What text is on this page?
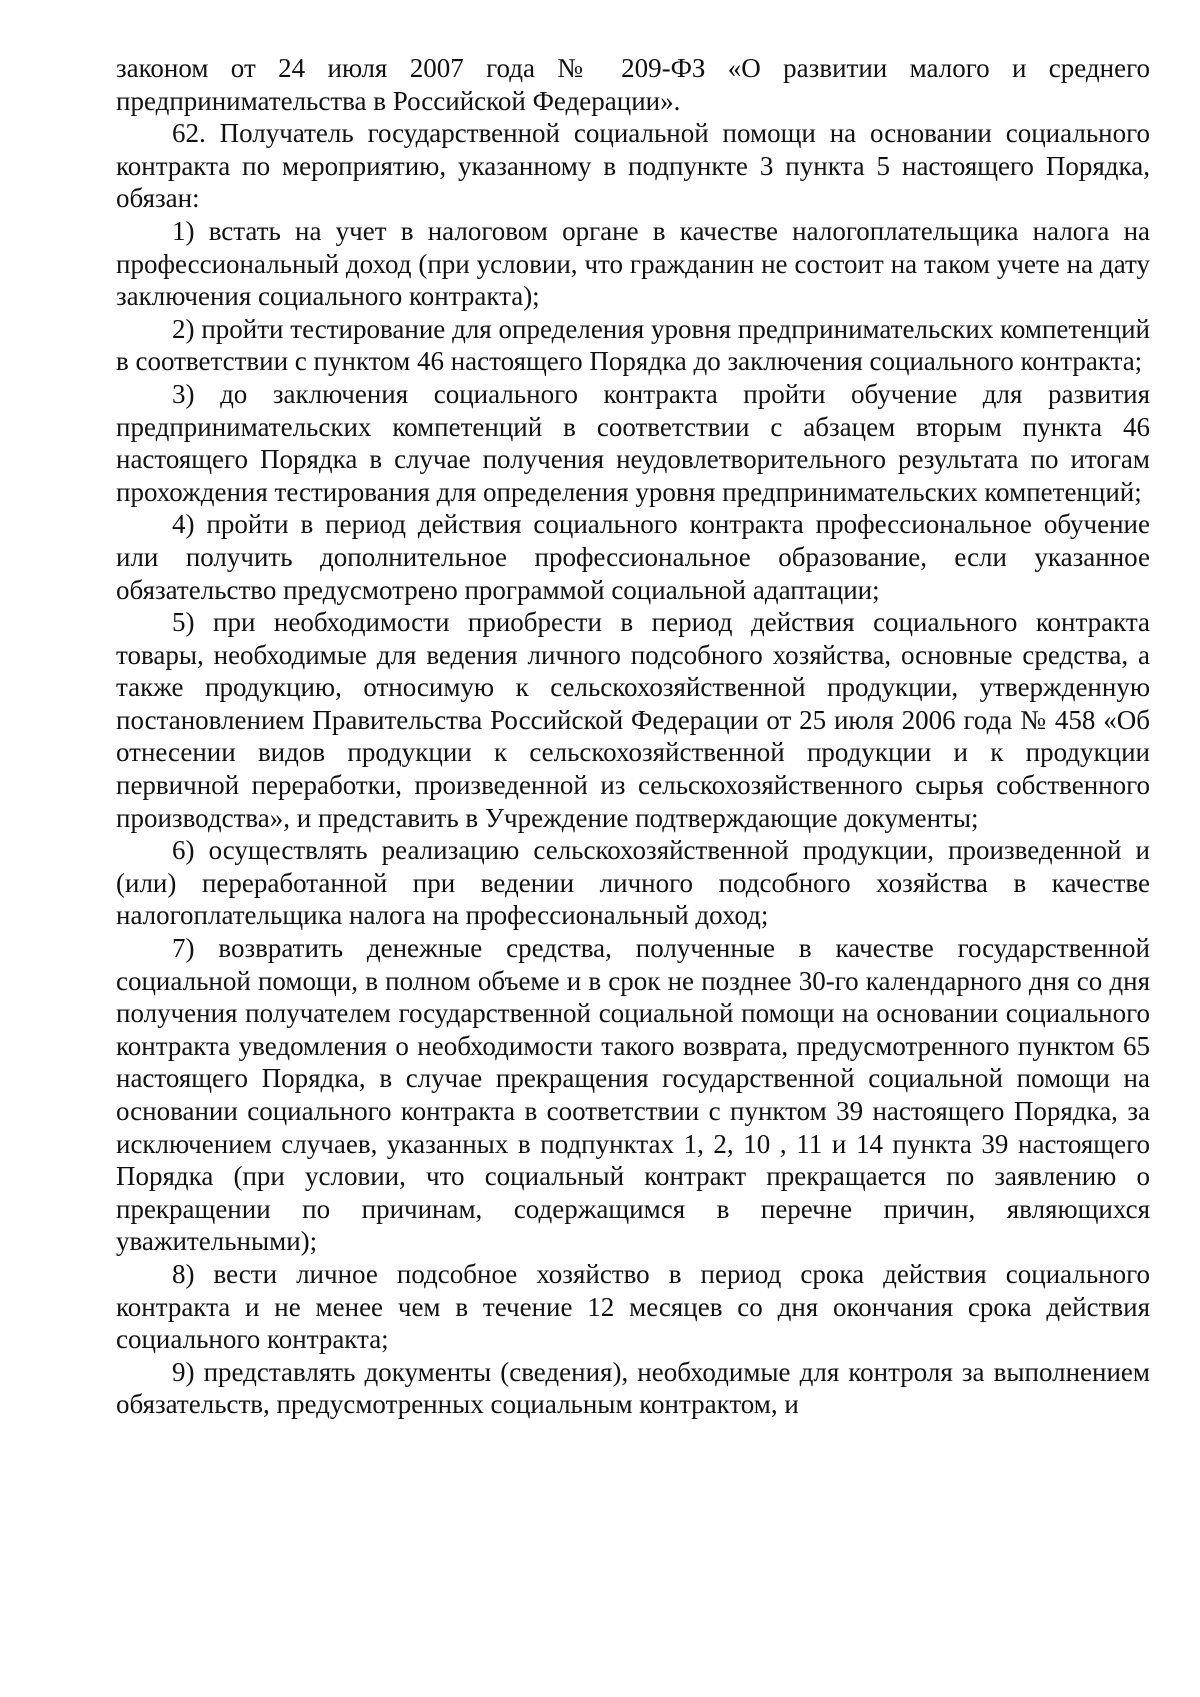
законом от 24 июля 2007 года № 209-ФЗ «О развитии малого и среднего предпринимательства в Российской Федерации».

62. Получатель государственной социальной помощи на основании социального контракта по мероприятию, указанному в подпункте 3 пункта 5 настоящего Порядка, обязан:

1) встать на учет в налоговом органе в качестве налогоплательщика налога на профессиональный доход (при условии, что гражданин не состоит на таком учете на дату заключения социального контракта);

2) пройти тестирование для определения уровня предпринимательских компетенций в соответствии с пунктом 46 настоящего Порядка до заключения социального контракта;

3) до заключения социального контракта пройти обучение для развития предпринимательских компетенций в соответствии с абзацем вторым пункта 46 настоящего Порядка в случае получения неудовлетворительного результата по итогам прохождения тестирования для определения уровня предпринимательских компетенций;

4) пройти в период действия социального контракта профессиональное обучение или получить дополнительное профессиональное образование, если указанное обязательство предусмотрено программой социальной адаптации;

5) при необходимости приобрести в период действия социального контракта товары, необходимые для ведения личного подсобного хозяйства, основные средства, а также продукцию, относимую к сельскохозяйственной продукции, утвержденную постановлением Правительства Российской Федерации от 25 июля 2006 года № 458 «Об отнесении видов продукции к сельскохозяйственной продукции и к продукции первичной переработки, произведенной из сельскохозяйственного сырья собственного производства», и представить в Учреждение подтверждающие документы;

6) осуществлять реализацию сельскохозяйственной продукции, произведенной и (или) переработанной при ведении личного подсобного хозяйства в качестве налогоплательщика налога на профессиональный доход;

7) возвратить денежные средства, полученные в качестве государственной социальной помощи, в полном объеме и в срок не позднее 30-го календарного дня со дня получения получателем государственной социальной помощи на основании социального контракта уведомления о необходимости такого возврата, предусмотренного пунктом 65 настоящего Порядка, в случае прекращения государственной социальной помощи на основании социального контракта в соответствии с пунктом 39 настоящего Порядка, за исключением случаев, указанных в подпунктах 1, 2, 10 , 11 и 14 пункта 39 настоящего Порядка (при условии, что социальный контракт прекращается по заявлению о прекращении по причинам, содержащимся в перечне причин, являющихся уважительными);

8) вести личное подсобное хозяйство в период срока действия социального контракта и не менее чем в течение 12 месяцев со дня окончания срока действия социального контракта;

9) представлять документы (сведения), необходимые для контроля за выполнением обязательств, предусмотренных социальным контрактом, и
